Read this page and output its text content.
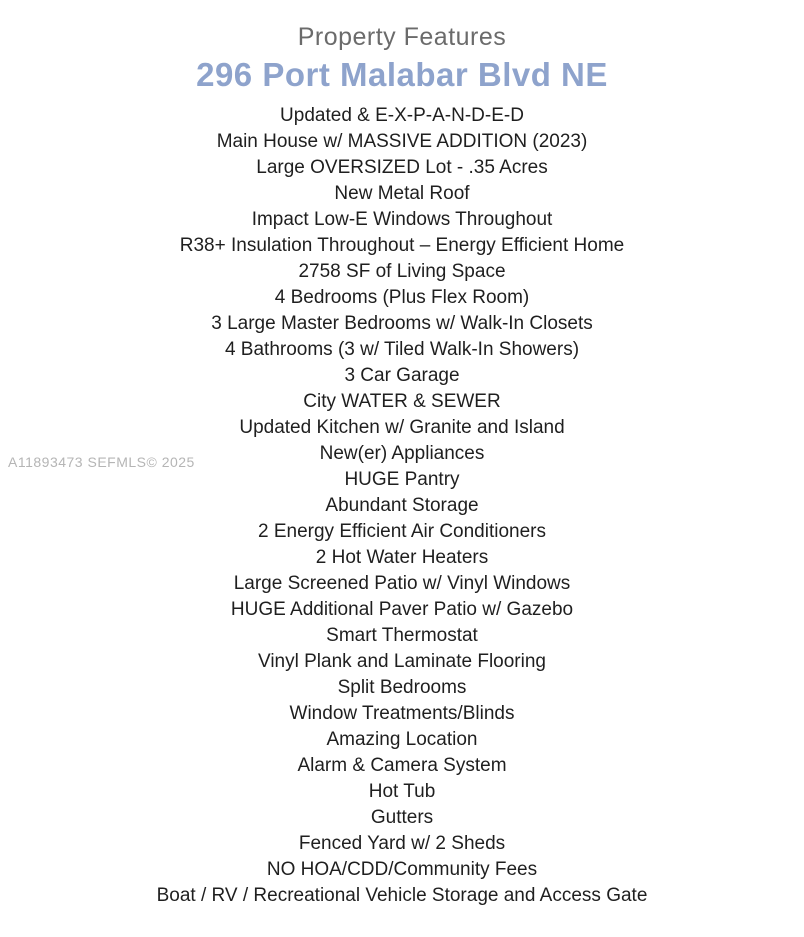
A11893473 SEFMLS© 2025
Property Features
296 Port Malabar Blvd NE
Updated & E-X-P-A-N-D-E-D
Main House w/ MASSIVE ADDITION (2023)
Large OVERSIZED Lot - .35 Acres
New Metal Roof
Impact Low-E Windows Throughout
R38+ Insulation Throughout – Energy Efficient Home
2758 SF of Living Space
4 Bedrooms (Plus Flex Room)
3 Large Master Bedrooms w/ Walk-In Closets
4 Bathrooms (3 w/ Tiled Walk-In Showers)
3 Car Garage
City WATER & SEWER
Updated Kitchen w/ Granite and Island
New(er) Appliances
HUGE Pantry
Abundant Storage
2 Energy Efficient Air Conditioners
2 Hot Water Heaters
Large Screened Patio w/ Vinyl Windows
HUGE Additional Paver Patio w/ Gazebo
Smart Thermostat
Vinyl Plank and Laminate Flooring
Split Bedrooms
Window Treatments/Blinds
Amazing Location
Alarm & Camera System
Hot Tub
Gutters
Fenced Yard w/ 2 Sheds
NO HOA/CDD/Community Fees
Boat / RV / Recreational Vehicle Storage and Access Gate
